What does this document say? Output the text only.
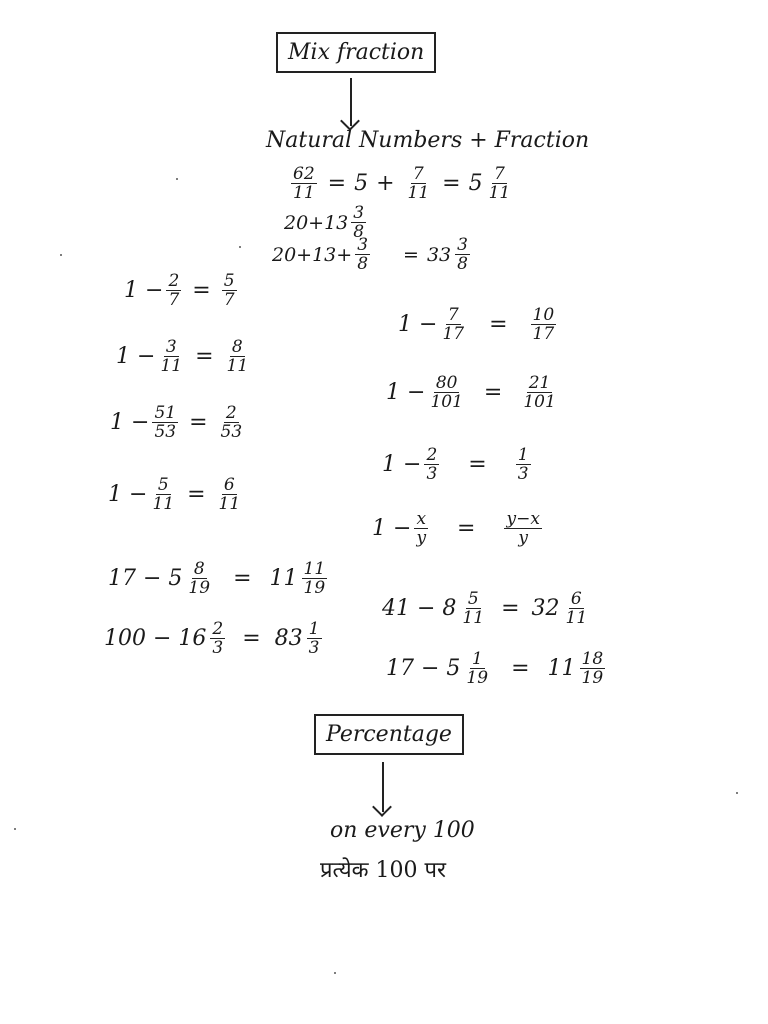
Mix fraction
Natural Numbers + Fraction
$\frac{62}{11} = 5 + \frac{7}{11} = 5 \frac{7}{11}$
$20+13 \frac{3}{8}$
$20+13+ \frac{3}{8} = 33 \frac{3}{8}$
$1 - \frac{2}{7} = \frac{5}{7}$
$1 - \frac{3}{11} = \frac{8}{11}$
$1 - \frac{51}{53} = \frac{2}{53}$
$1 - \frac{5}{11} = \frac{6}{11}$
$1 - \frac{7}{17} = \frac{10}{17}$
$1 - \frac{80}{101} = \frac{21}{101}$
$1 - \frac{2}{3} = \frac{1}{3}$
$1 - \frac{x}{y} = \frac{y-x}{y}$
$17 - 5 \frac{8}{19} = 11 \frac{11}{19}$
$100 - 16 \frac{2}{3} = 83 \frac{1}{3}$
$41 - 8 \frac{5}{11} = 32 \frac{6}{11}$
$17 - 5 \frac{1}{19} = 11 \frac{18}{19}$
Percentage
on every 100
प्रत्येक 100 पर
